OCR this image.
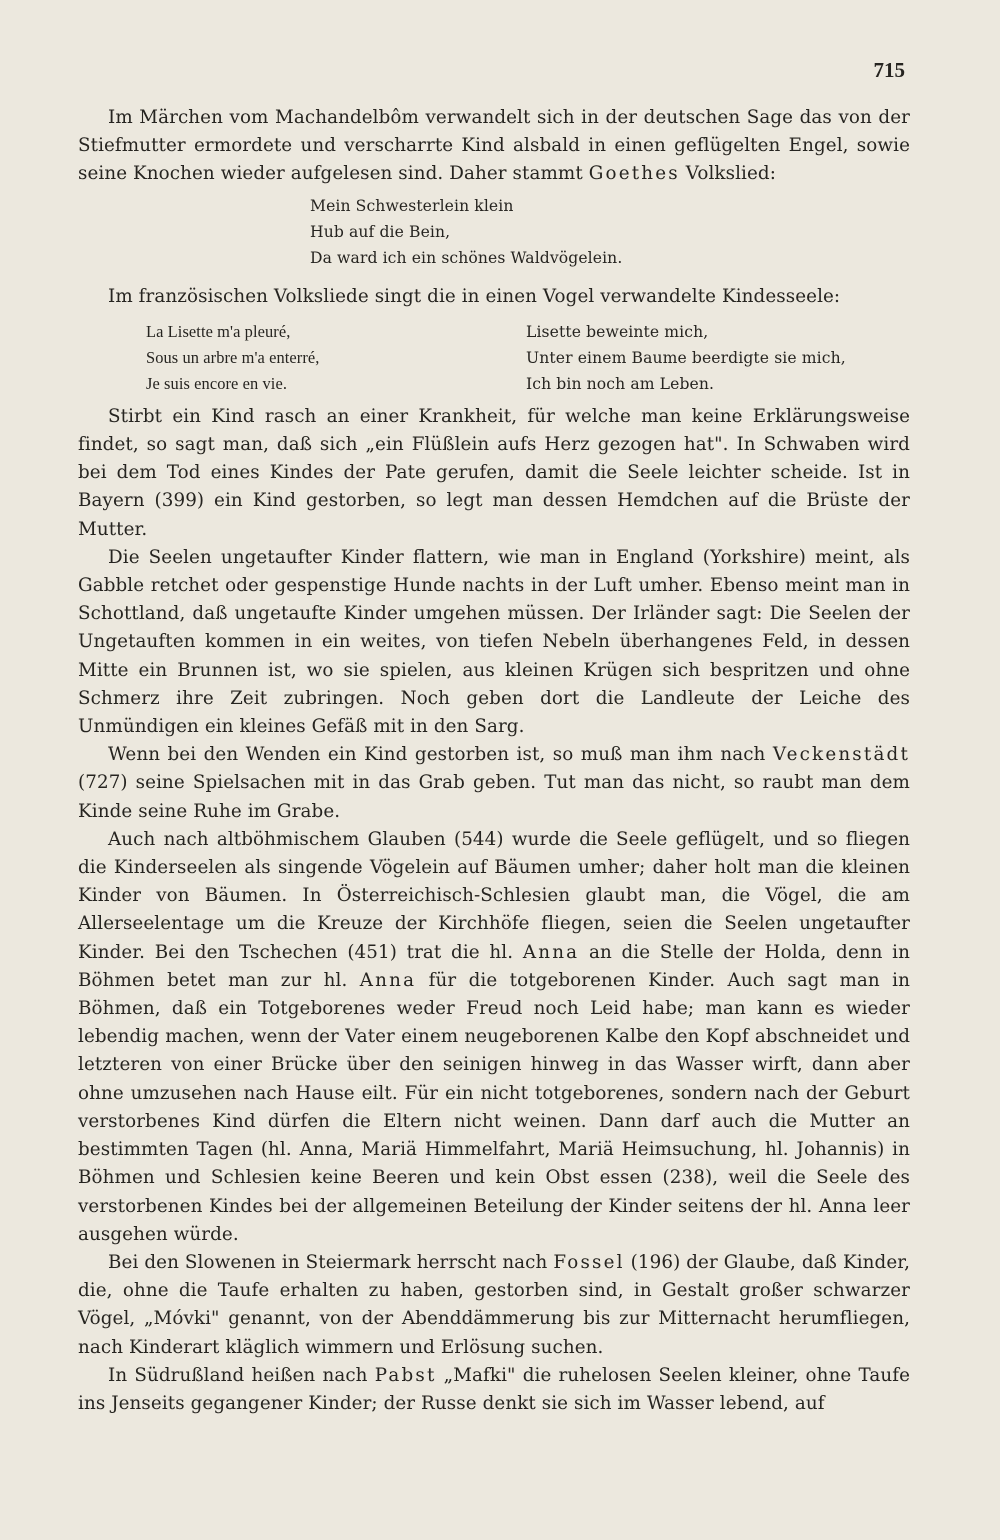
715

Im Märchen vom Machandelbôm verwandelt sich in der deutschen Sage das von der Stiefmutter ermordete und verscharrte Kind alsbald in einen geflügelten Engel, sowie seine Knochen wieder aufgelesen sind. Daher stammt Goethes Volkslied:

Mein Schwesterlein klein
Hub auf die Bein,
Da ward ich ein schönes Waldvögelein.

Im französischen Volksliede singt die in einen Vogel verwandelte Kindesseele:

La Lisette m'a pleuré,
Sous un arbre m'a enterré,
Je suis encore en vie.
Lisette beweinte mich,
Unter einem Baume beerdigte sie mich,
Ich bin noch am Leben.

Stirbt ein Kind rasch an einer Krankheit, für welche man keine Erklärungsweise findet, so sagt man, daß sich „ein Flüßlein aufs Herz gezogen hat". In Schwaben wird bei dem Tod eines Kindes der Pate gerufen, damit die Seele leichter scheide. Ist in Bayern (399) ein Kind gestorben, so legt man dessen Hemdchen auf die Brüste der Mutter.

Die Seelen ungetaufter Kinder flattern, wie man in England (Yorkshire) meint, als Gabble retchet oder gespenstige Hunde nachts in der Luft umher. Ebenso meint man in Schottland, daß ungetaufte Kinder umgehen müssen. Der Irländer sagt: Die Seelen der Ungetauften kommen in ein weites, von tiefen Nebeln überhangenes Feld, in dessen Mitte ein Brunnen ist, wo sie spielen, aus kleinen Krügen sich bespritzen und ohne Schmerz ihre Zeit zubringen. Noch geben dort die Landleute der Leiche des Unmündigen ein kleines Gefäß mit in den Sarg.

Wenn bei den Wenden ein Kind gestorben ist, so muß man ihm nach Veckenstädt (727) seine Spielsachen mit in das Grab geben. Tut man das nicht, so raubt man dem Kinde seine Ruhe im Grabe.

Auch nach altböhmischem Glauben (544) wurde die Seele geflügelt, und so fliegen die Kinderseelen als singende Vögelein auf Bäumen umher; daher holt man die kleinen Kinder von Bäumen. In Österreichisch-Schlesien glaubt man, die Vögel, die am Allerseelentage um die Kreuze der Kirchhöfe fliegen, seien die Seelen ungetaufter Kinder. Bei den Tschechen (451) trat die hl. Anna an die Stelle der Holda, denn in Böhmen betet man zur hl. Anna für die totgeborenen Kinder. Auch sagt man in Böhmen, daß ein Totgeborenes weder Freud noch Leid habe; man kann es wieder lebendig machen, wenn der Vater einem neugeborenen Kalbe den Kopf abschneidet und letzteren von einer Brücke über den seinigen hinweg in das Wasser wirft, dann aber ohne umzusehen nach Hause eilt. Für ein nicht totgeborenes, sondern nach der Geburt verstorbenes Kind dürfen die Eltern nicht weinen. Dann darf auch die Mutter an bestimmten Tagen (hl. Anna, Mariä Himmelfahrt, Mariä Heimsuchung, hl. Johannis) in Böhmen und Schlesien keine Beeren und kein Obst essen (238), weil die Seele des verstorbenen Kindes bei der allgemeinen Beteilung der Kinder seitens der hl. Anna leer ausgehen würde.

Bei den Slowenen in Steiermark herrscht nach Fossel (196) der Glaube, daß Kinder, die, ohne die Taufe erhalten zu haben, gestorben sind, in Gestalt großer schwarzer Vögel, „Móvki" genannt, von der Abenddämmerung bis zur Mitternacht herumfliegen, nach Kinderart kläglich wimmern und Erlösung suchen.

In Südrußland heißen nach Pabst „Mafki" die ruhelosen Seelen kleiner, ohne Taufe ins Jenseits gegangener Kinder; der Russe denkt sie sich im Wasser lebend, auf
